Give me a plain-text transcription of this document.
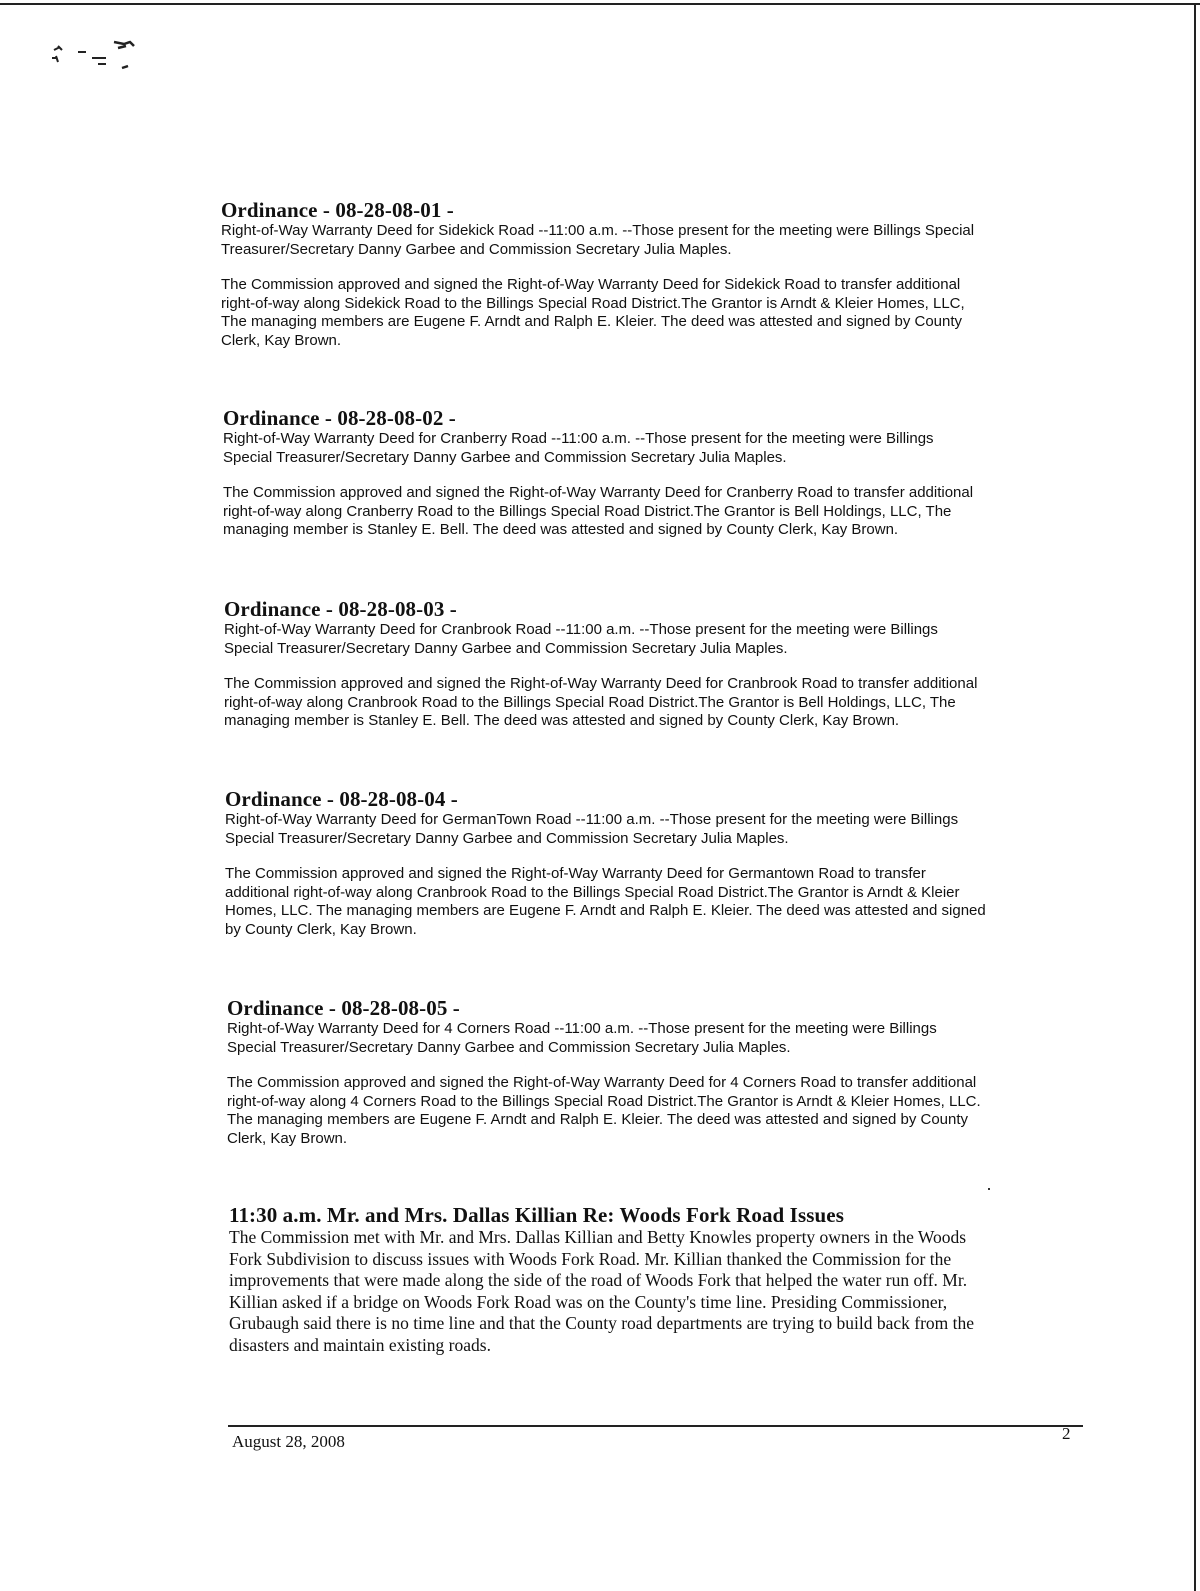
Ordinance - 08-28-08-01 -

Right-of-Way Warranty Deed for Sidekick Road --11:00 a.m. --Those present for the meeting were Billings Special

Treasurer/Secretary Danny Garbee and Commission Secretary Julia Maples.

The Commission approved and signed the Right-of-Way Warranty Deed for Sidekick Road to transfer additional

right-of-way along Sidekick Road to the Billings Special Road District.The Grantor is Arndt & Kleier Homes, LLC,

The managing members are Eugene F. Arndt and Ralph E. Kleier. The deed was attested and signed by County

Clerk, Kay Brown.

Ordinance - 08-28-08-02 -

Right-of-Way Warranty Deed for Cranberry Road --11:00 a.m. --Those present for the meeting were Billings

Special Treasurer/Secretary Danny Garbee and Commission Secretary Julia Maples.

The Commission approved and signed the Right-of-Way Warranty Deed for Cranberry Road to transfer additional

right-of-way along Cranberry Road to the Billings Special Road District.The Grantor is Bell Holdings, LLC, The

managing member is Stanley E. Bell. The deed was attested and signed by County Clerk, Kay Brown.

Ordinance - 08-28-08-03 -

Right-of-Way Warranty Deed for Cranbrook Road --11:00 a.m. --Those present for the meeting were Billings

Special Treasurer/Secretary Danny Garbee and Commission Secretary Julia Maples.

The Commission approved and signed the Right-of-Way Warranty Deed for Cranbrook Road to transfer additional

right-of-way along Cranbrook Road to the Billings Special Road District.The Grantor is Bell Holdings, LLC, The

managing member is Stanley E. Bell. The deed was attested and signed by County Clerk, Kay Brown.

Ordinance - 08-28-08-04 -

Right-of-Way Warranty Deed for GermanTown Road --11:00 a.m. --Those present for the meeting were Billings

Special Treasurer/Secretary Danny Garbee and Commission Secretary Julia Maples.

The Commission approved and signed the Right-of-Way Warranty Deed for Germantown Road to transfer

additional right-of-way along Cranbrook Road to the Billings Special Road District.The Grantor is Arndt & Kleier

Homes, LLC. The managing members are Eugene F. Arndt and Ralph E. Kleier. The deed was attested and signed

by County Clerk, Kay Brown.

Ordinance - 08-28-08-05 -

Right-of-Way Warranty Deed for 4 Corners Road --11:00 a.m. --Those present for the meeting were Billings

Special Treasurer/Secretary Danny Garbee and Commission Secretary Julia Maples.

The Commission approved and signed the Right-of-Way Warranty Deed for 4 Corners Road to transfer additional

right-of-way along 4 Corners Road to the Billings Special Road District.The Grantor is Arndt & Kleier Homes, LLC.

The managing members are Eugene F. Arndt and Ralph E. Kleier. The deed was attested and signed by County

Clerk, Kay Brown.

11:30 a.m. Mr. and Mrs. Dallas Killian Re: Woods Fork Road Issues

The Commission met with Mr. and Mrs. Dallas Killian and Betty Knowles property owners in the Woods

Fork Subdivision to discuss issues with Woods Fork Road. Mr. Killian thanked the Commission for the

improvements that were made along the side of the road of Woods Fork that helped the water run off. Mr.

Killian asked if a bridge on Woods Fork Road was on the County's time line. Presiding Commissioner,

Grubaugh said there is no time line and that the County road departments are trying to build back from the

disasters and maintain existing roads.

August 28, 2008	2
